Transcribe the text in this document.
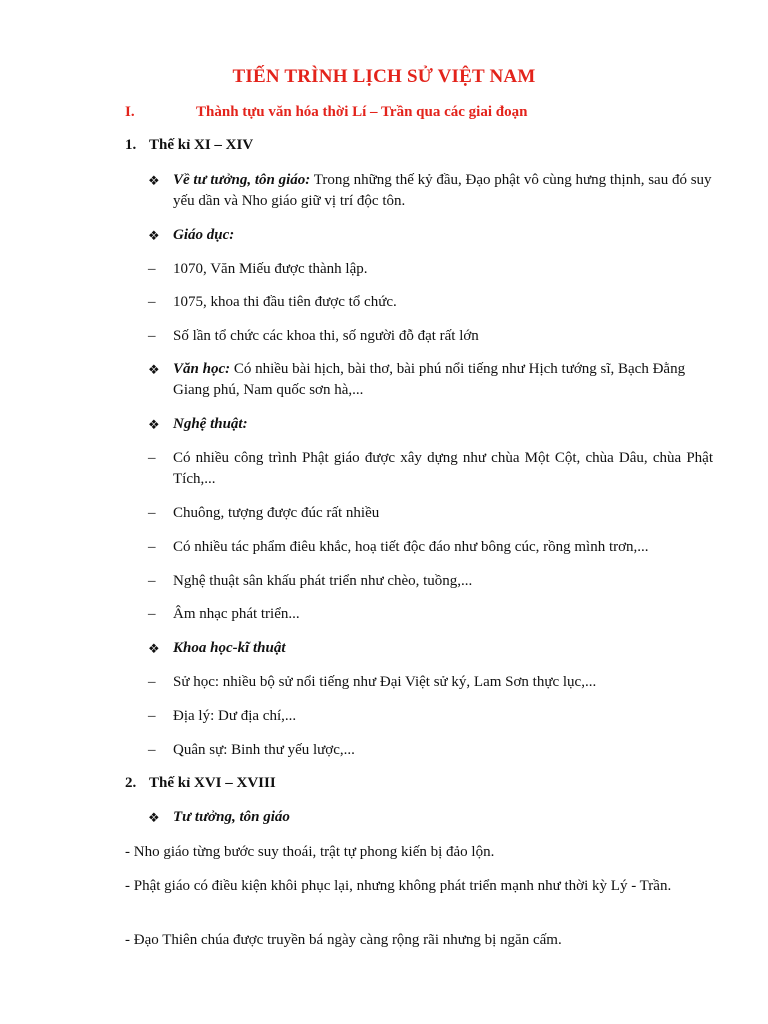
TIẾN TRÌNH LỊCH SỬ VIỆT NAM
I.	Thành tựu văn hóa thời Lí – Trần qua các giai đoạn
1. Thế kỉ XI – XIV
❖ Về tư tưởng, tôn giáo: Trong những thế kỷ đầu, Đạo phật vô cùng hưng thịnh, sau đó suy yếu dần và Nho giáo giữ vị trí độc tôn.
❖ Giáo dục:
– 1070, Văn Miếu được thành lập.
– 1075, khoa thi đầu tiên được tổ chức.
– Số lần tổ chức các khoa thi, số người đỗ đạt rất lớn
❖ Văn học: Có nhiều bài hịch, bài thơ, bài phú nổi tiếng như Hịch tướng sĩ, Bạch Đằng Giang phú, Nam quốc sơn hà,...
❖ Nghệ thuật:
– Có nhiều công trình Phật giáo được xây dựng như chùa Một Cột, chùa Dâu, chùa Phật Tích,...
– Chuông, tượng được đúc rất nhiều
– Có nhiều tác phẩm điêu khắc, hoạ tiết độc đáo như bông cúc, rồng mình trơn,...
– Nghệ thuật sân khấu phát triển như chèo, tuồng,...
– Âm nhạc phát triển...
❖ Khoa học-kĩ thuật
– Sử học: nhiều bộ sử nổi tiếng như Đại Việt sử ký, Lam Sơn thực lục,...
– Địa lý: Dư địa chí,...
– Quân sự: Binh thư yếu lược,...
2. Thế kỉ XVI – XVIII
❖ Tư tưởng, tôn giáo
- Nho giáo từng bước suy thoái, trật tự phong kiến bị đảo lộn.
- Phật giáo có điều kiện khôi phục lại, nhưng không phát triển mạnh như thời kỳ Lý - Trần.
- Đạo Thiên chúa được truyền bá ngày càng rộng rãi nhưng bị ngăn cấm.
